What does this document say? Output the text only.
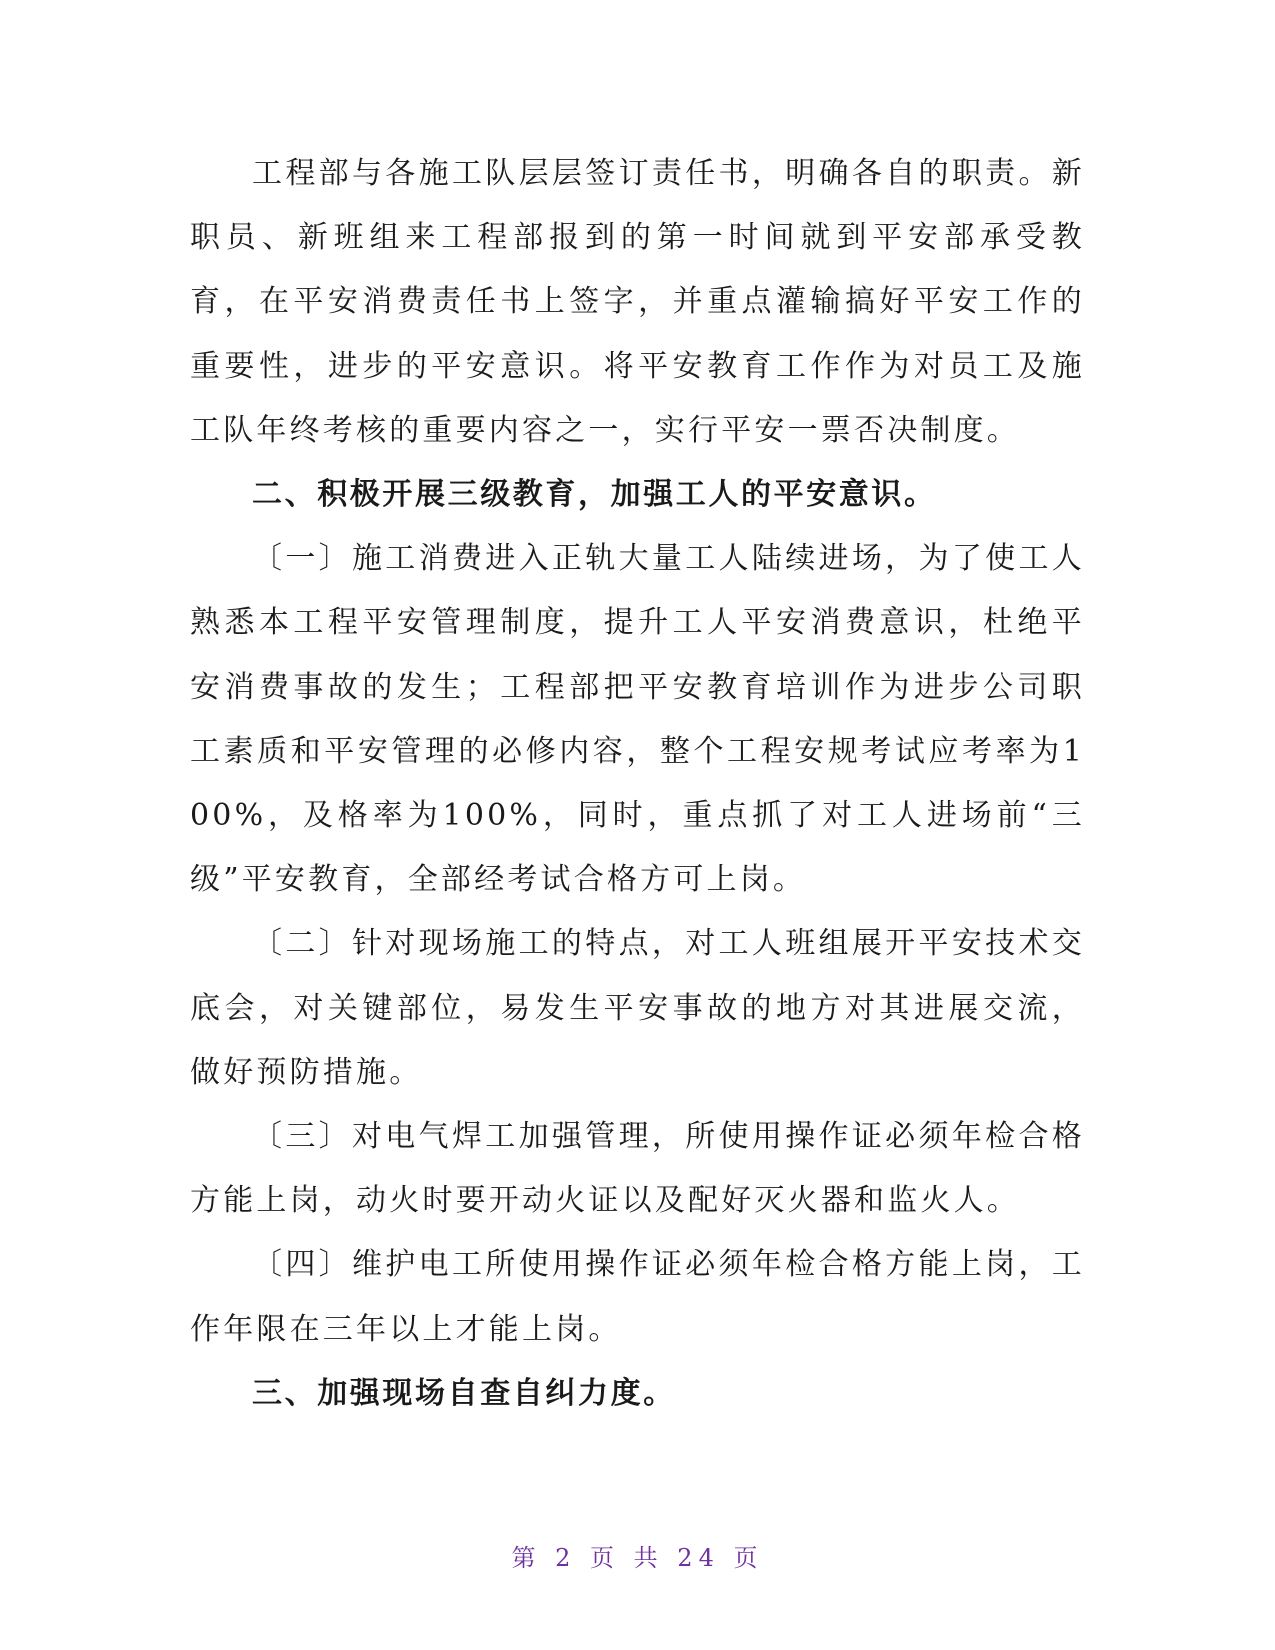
工程部与各施工队层层签订责任书，明确各自的职责。新职员、新班组来工程部报到的第一时间就到平安部承受教育，在平安消费责任书上签字，并重点灌输搞好平安工作的重要性，进步的平安意识。将平安教育工作作为对员工及施工队年终考核的重要内容之一，实行平安一票否决制度。

二、积极开展三级教育，加强工人的平安意识。

〔一〕施工消费进入正轨大量工人陆续进场，为了使工人熟悉本工程平安管理制度，提升工人平安消费意识，杜绝平安消费事故的发生；工程部把平安教育培训作为进步公司职工素质和平安管理的必修内容，整个工程安规考试应考率为100%，及格率为100%，同时，重点抓了对工人进场前“三级”平安教育，全部经考试合格方可上岗。

〔二〕针对现场施工的特点，对工人班组展开平安技术交底会，对关键部位，易发生平安事故的地方对其进展交流，做好预防措施。

〔三〕对电气焊工加强管理，所使用操作证必须年检合格方能上岗，动火时要开动火证以及配好灭火器和监火人。

〔四〕维护电工所使用操作证必须年检合格方能上岗，工作年限在三年以上才能上岗。

三、加强现场自查自纠力度。

第 2 页 共 24 页
